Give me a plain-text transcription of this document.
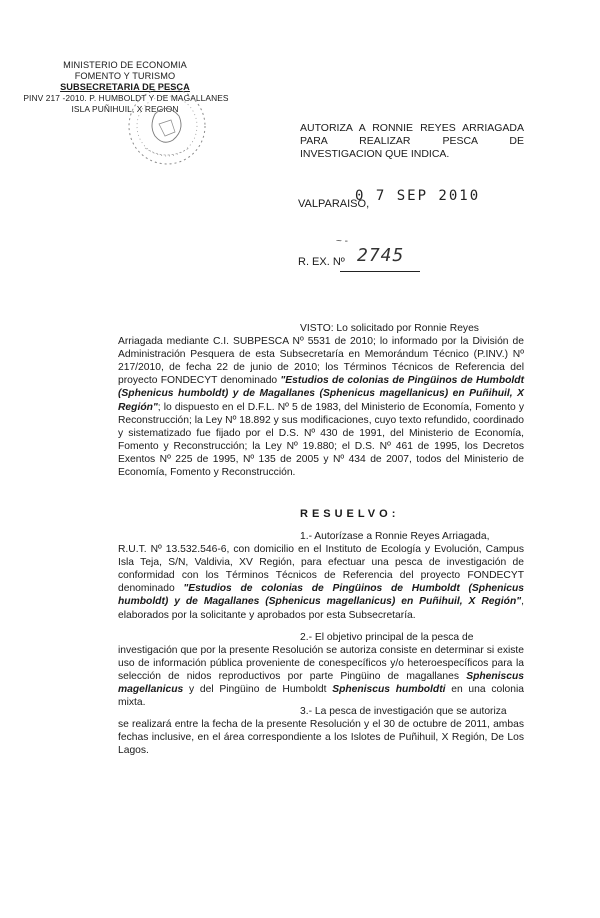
MINISTERIO DE ECONOMIA
FOMENTO Y TURISMO
SUBSECRETARIA DE PESCA
PINV 217 -2010. P. HUMBOLDT Y DE MAGALLANES
ISLA PUÑIHUIL, X REGION
AUTORIZA A RONNIE REYES ARRIAGADA
PARA REALIZAR PESCA DE
INVESTIGACION QUE INDICA.
VALPARAISO,
0 7 SEP 2010
~ -
R. EX. Nº 2745
VISTO: Lo solicitado por Ronnie Reyes
Arriagada mediante C.I. SUBPESCA Nº 5531 de 2010; lo informado por la División de Administración Pesquera de esta Subsecretaría en Memorándum Técnico (P.INV.) Nº 217/2010, de fecha 22 de junio de 2010; los Términos Técnicos de Referencia del proyecto FONDECYT denominado "Estudios de colonias de Pingüinos de Humboldt (Sphenicus humboldt) y de Magallanes (Sphenicus magellanicus) en Puñihuil, X Región"; lo dispuesto en el D.F.L. Nº 5 de 1983, del Ministerio de Economía, Fomento y Reconstrucción; la Ley Nº 18.892 y sus modificaciones, cuyo texto refundido, coordinado y sistematizado fue fijado por el D.S. Nº 430 de 1991, del Ministerio de Economía, Fomento y Reconstrucción; la Ley Nº 19.880; el D.S. Nº 461 de 1995, los Decretos Exentos Nº 225 de 1995, Nº 135 de 2005 y Nº 434 de 2007, todos del Ministerio de Economía, Fomento y Reconstrucción.
RESUELVO:
1.- Autorízase a Ronnie Reyes Arriagada,
R.U.T. Nº 13.532.546-6, con domicilio en el Instituto de Ecología y Evolución, Campus Isla Teja, S/N, Valdivia, XV Región, para efectuar una pesca de investigación de conformidad con los Términos Técnicos de Referencia del proyecto FONDECYT denominado "Estudios de colonias de Pingüinos de Humboldt (Sphenicus humboldt) y de Magallanes (Sphenicus magellanicus) en Puñihuil, X Región", elaborados por la solicitante y aprobados por esta Subsecretaría.
2.- El objetivo principal de la pesca de
investigación que por la presente Resolución se autoriza consiste en determinar si existe uso de información pública proveniente de conespecíficos y/o heteroespecíficos para la selección de nidos reproductivos por parte Pingüino de magallanes Spheniscus magellanicus y del Pingüino de Humboldt Spheniscus humboldti en una colonia mixta.
3.- La pesca de investigación que se autoriza
se realizará entre la fecha de la presente Resolución y el 30 de octubre de 2011, ambas fechas inclusive, en el área correspondiente a los Islotes de Puñihuil, X Región, De Los Lagos.
